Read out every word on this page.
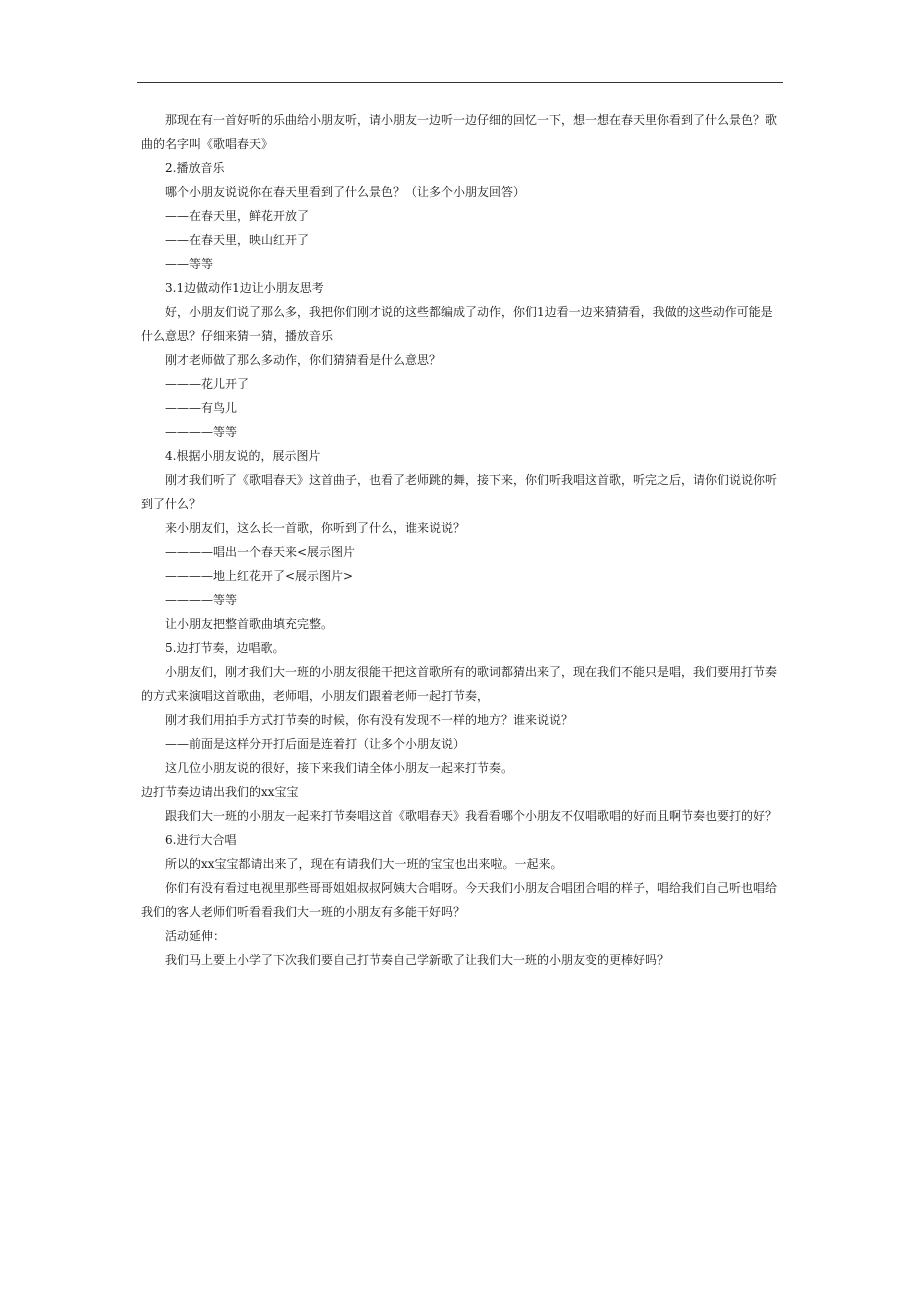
那现在有一首好听的乐曲给小朋友听，请小朋友一边听一边仔细的回忆一下，想一想在春天里你看到了什么景色？歌曲的名字叫《歌唱春天》

2.播放音乐

哪个小朋友说说你在春天里看到了什么景色？（让多个小朋友回答）

——在春天里，鲜花开放了

——在春天里，映山红开了

——等等

3.1边做动作1边让小朋友思考

好，小朋友们说了那么多，我把你们刚才说的这些都编成了动作，你们1边看一边来猜猜看，我做的这些动作可能是什么意思？仔细来猜一猜，播放音乐

刚才老师做了那么多动作，你们猜猜看是什么意思？

———花儿开了

———有鸟儿

————等等

4.根据小朋友说的，展示图片

刚才我们听了《歌唱春天》这首曲子，也看了老师跳的舞，接下来，你们听我唱这首歌，听完之后，请你们说说你听到了什么？

来小朋友们，这么长一首歌，你听到了什么，谁来说说？

————唱出一个春天来<展示图片

————地上红花开了<展示图片>

————等等

让小朋友把整首歌曲填充完整。

5.边打节奏，边唱歌。

小朋友们，刚才我们大一班的小朋友很能干把这首歌所有的歌词都猜出来了，现在我们不能只是唱，我们要用打节奏的方式来演唱这首歌曲，老师唱，小朋友们跟着老师一起打节奏，

刚才我们用拍手方式打节奏的时候，你有没有发现不一样的地方？谁来说说？

——前面是这样分开打后面是连着打（让多个小朋友说）

这几位小朋友说的很好，接下来我们请全体小朋友一起来打节奏。

边打节奏边请出我们的xx宝宝

跟我们大一班的小朋友一起来打节奏唱这首《歌唱春天》我看看哪个小朋友不仅唱歌唱的好而且啊节奏也要打的好？

6.进行大合唱

所以的xx宝宝都请出来了，现在有请我们大一班的宝宝也出来啦。一起来。

你们有没有看过电视里那些哥哥姐姐叔叔阿姨大合唱呀。今天我们小朋友合唱团合唱的样子，唱给我们自己听也唱给我们的客人老师们听看看我们大一班的小朋友有多能干好吗？

活动延伸：

我们马上要上小学了下次我们要自己打节奏自己学新歌了让我们大一班的小朋友变的更棒好吗？
